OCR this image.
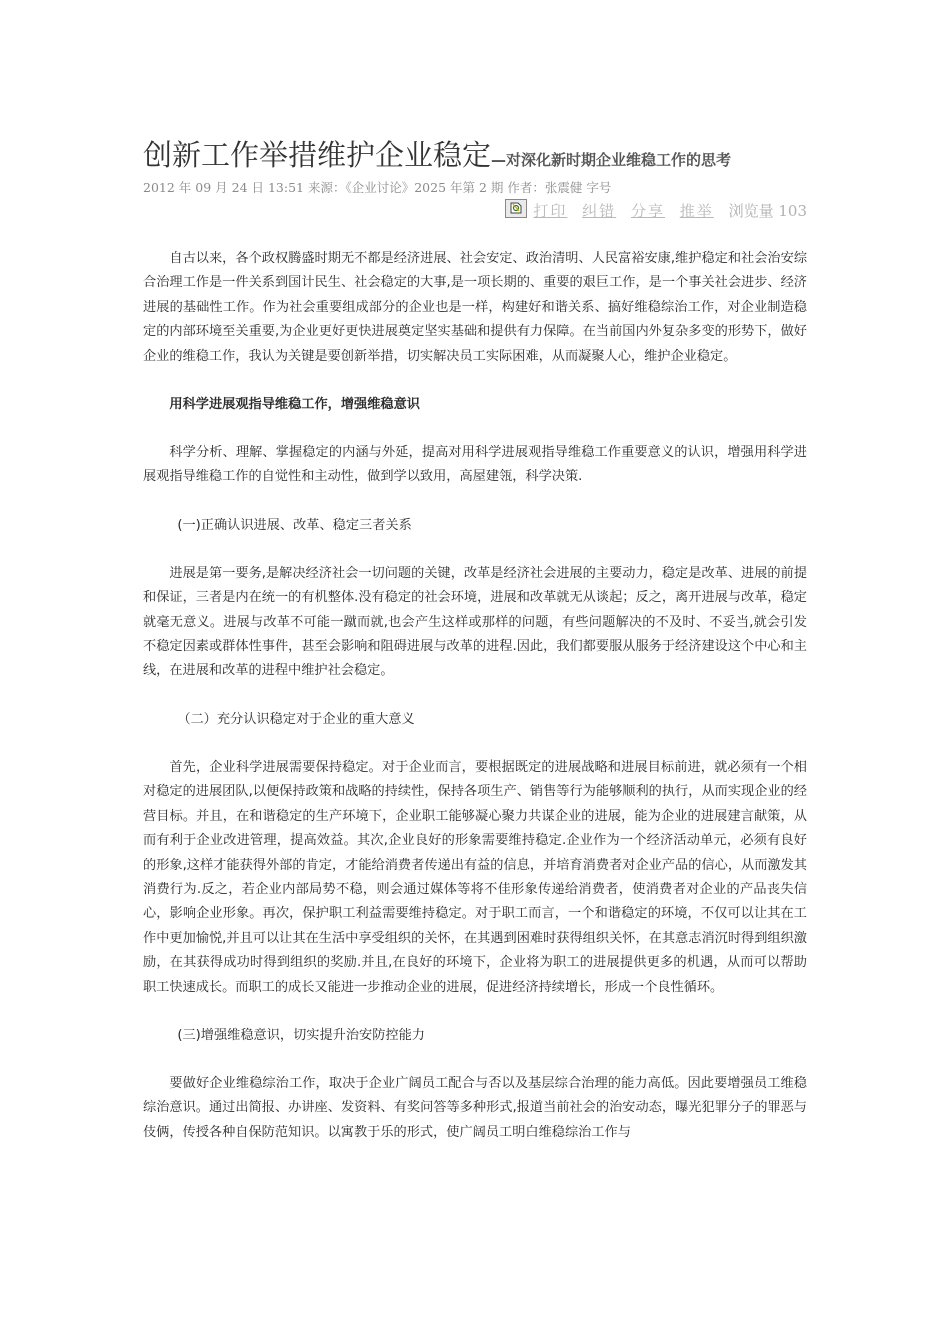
创新工作举措维护企业稳定—对深化新时期企业维稳工作的思考
2012 年 09 月 24 日 13:51 来源：《企业讨论》2025 年第 2 期 作者：张震健 字号
打印 纠错 分享 推举 浏览量 103

自古以来，各个政权腾盛时期无不都是经济进展、社会安定、政治清明、人民富裕安康,维护稳定和社会治安综合治理工作是一件关系到国计民生、社会稳定的大事,是一项长期的、重要的艰巨工作，是一个事关社会进步、经济进展的基础性工作。作为社会重要组成部分的企业也是一样，构建好和谐关系、搞好维稳综治工作，对企业制造稳定的内部环境至关重要,为企业更好更快进展奠定坚实基础和提供有力保障。在当前国内外复杂多变的形势下，做好企业的维稳工作，我认为关键是要创新举措，切实解决员工实际困难，从而凝聚人心，维护企业稳定。

用科学进展观指导维稳工作，增强维稳意识

科学分析、理解、掌握稳定的内涵与外延，提高对用科学进展观指导维稳工作重要意义的认识，增强用科学进展观指导维稳工作的自觉性和主动性，做到学以致用，高屋建瓴，科学决策.

(一)正确认识进展、改革、稳定三者关系

进展是第一要务,是解决经济社会一切问题的关键，改革是经济社会进展的主要动力，稳定是改革、进展的前提和保证，三者是内在统一的有机整体.没有稳定的社会环境，进展和改革就无从谈起；反之，离开进展与改革，稳定就毫无意义。进展与改革不可能一蹴而就,也会产生这样或那样的问题，有些问题解决的不及时、不妥当,就会引发不稳定因素或群体性事件，甚至会影响和阻碍进展与改革的进程.因此，我们都要服从服务于经济建设这个中心和主线，在进展和改革的进程中维护社会稳定。

（二）充分认识稳定对于企业的重大意义

首先，企业科学进展需要保持稳定。对于企业而言，要根据既定的进展战略和进展目标前进，就必须有一个相对稳定的进展团队,以便保持政策和战略的持续性，保持各项生产、销售等行为能够顺利的执行，从而实现企业的经营目标。并且，在和谐稳定的生产环境下，企业职工能够凝心聚力共谋企业的进展，能为企业的进展建言献策，从而有利于企业改进管理，提高效益。其次,企业良好的形象需要维持稳定.企业作为一个经济活动单元，必须有良好的形象,这样才能获得外部的肯定，才能给消费者传递出有益的信息，并培育消费者对企业产品的信心，从而激发其消费行为.反之，若企业内部局势不稳，则会通过媒体等将不佳形象传递给消费者，使消费者对企业的产品丧失信心，影响企业形象。再次，保护职工利益需要维持稳定。对于职工而言，一个和谐稳定的环境，不仅可以让其在工作中更加愉悦,并且可以让其在生活中享受组织的关怀，在其遇到困难时获得组织关怀，在其意志消沉时得到组织激励，在其获得成功时得到组织的奖励.并且,在良好的环境下，企业将为职工的进展提供更多的机遇，从而可以帮助职工快速成长。而职工的成长又能进一步推动企业的进展，促进经济持续增长，形成一个良性循环。

(三)增强维稳意识，切实提升治安防控能力

要做好企业维稳综治工作，取决于企业广阔员工配合与否以及基层综合治理的能力高低。因此要增强员工维稳综治意识。通过出简报、办讲座、发资料、有奖问答等多种形式,报道当前社会的治安动态，曝光犯罪分子的罪恶与伎俩，传授各种自保防范知识。以寓教于乐的形式，使广阔员工明白维稳综治工作与
